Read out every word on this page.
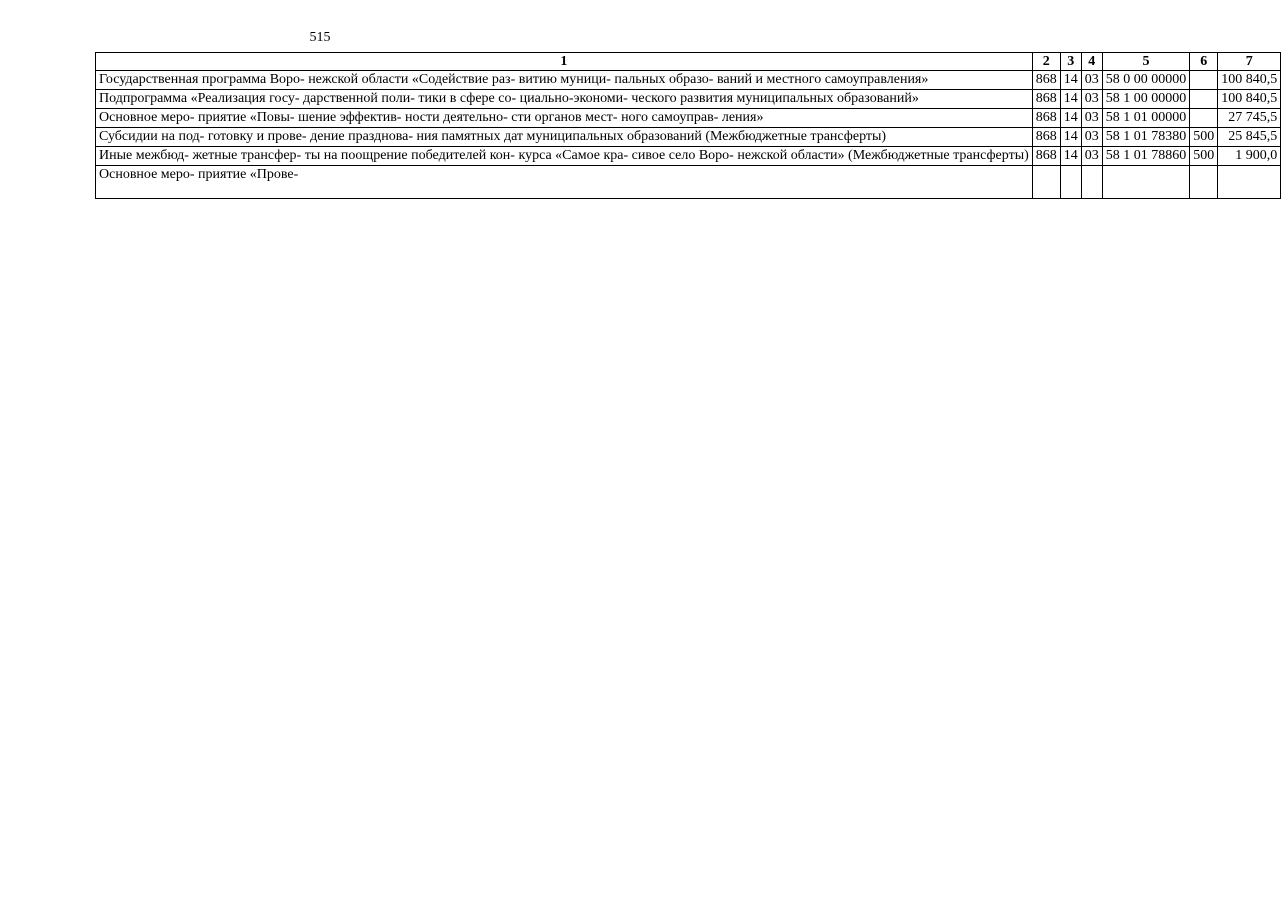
515
1	2	3	4	5	6	7
Государственная программа Воро- нежской области «Содействие раз- витию муници- пальных образо- ваний и местного самоуправления»	868	14	03	58 0 00 00000		100 840,5
Подпрограмма «Реализация госу- дарственной поли- тики в сфере со- циально-экономи- ческого развития муниципальных образований»	868	14	03	58 1 00 00000		100 840,5
Основное меро- приятие «Повы- шение эффектив- ности деятельно- сти органов мест- ного самоуправ- ления»	868	14	03	58 1 01 00000		27 745,5
Субсидии на под- готовку и прове- дение празднова- ния памятных дат муниципальных образований (Межбюджетные трансферты)	868	14	03	58 1 01 78380	500	25 845,5
Иные межбюд- жетные трансфер- ты на поощрение победителей кон- курса «Самое кра- сивое село Воро- нежской области» (Межбюджетные трансферты)	868	14	03	58 1 01 78860	500	1 900,0
Основное меро- приятие «Прове-						
